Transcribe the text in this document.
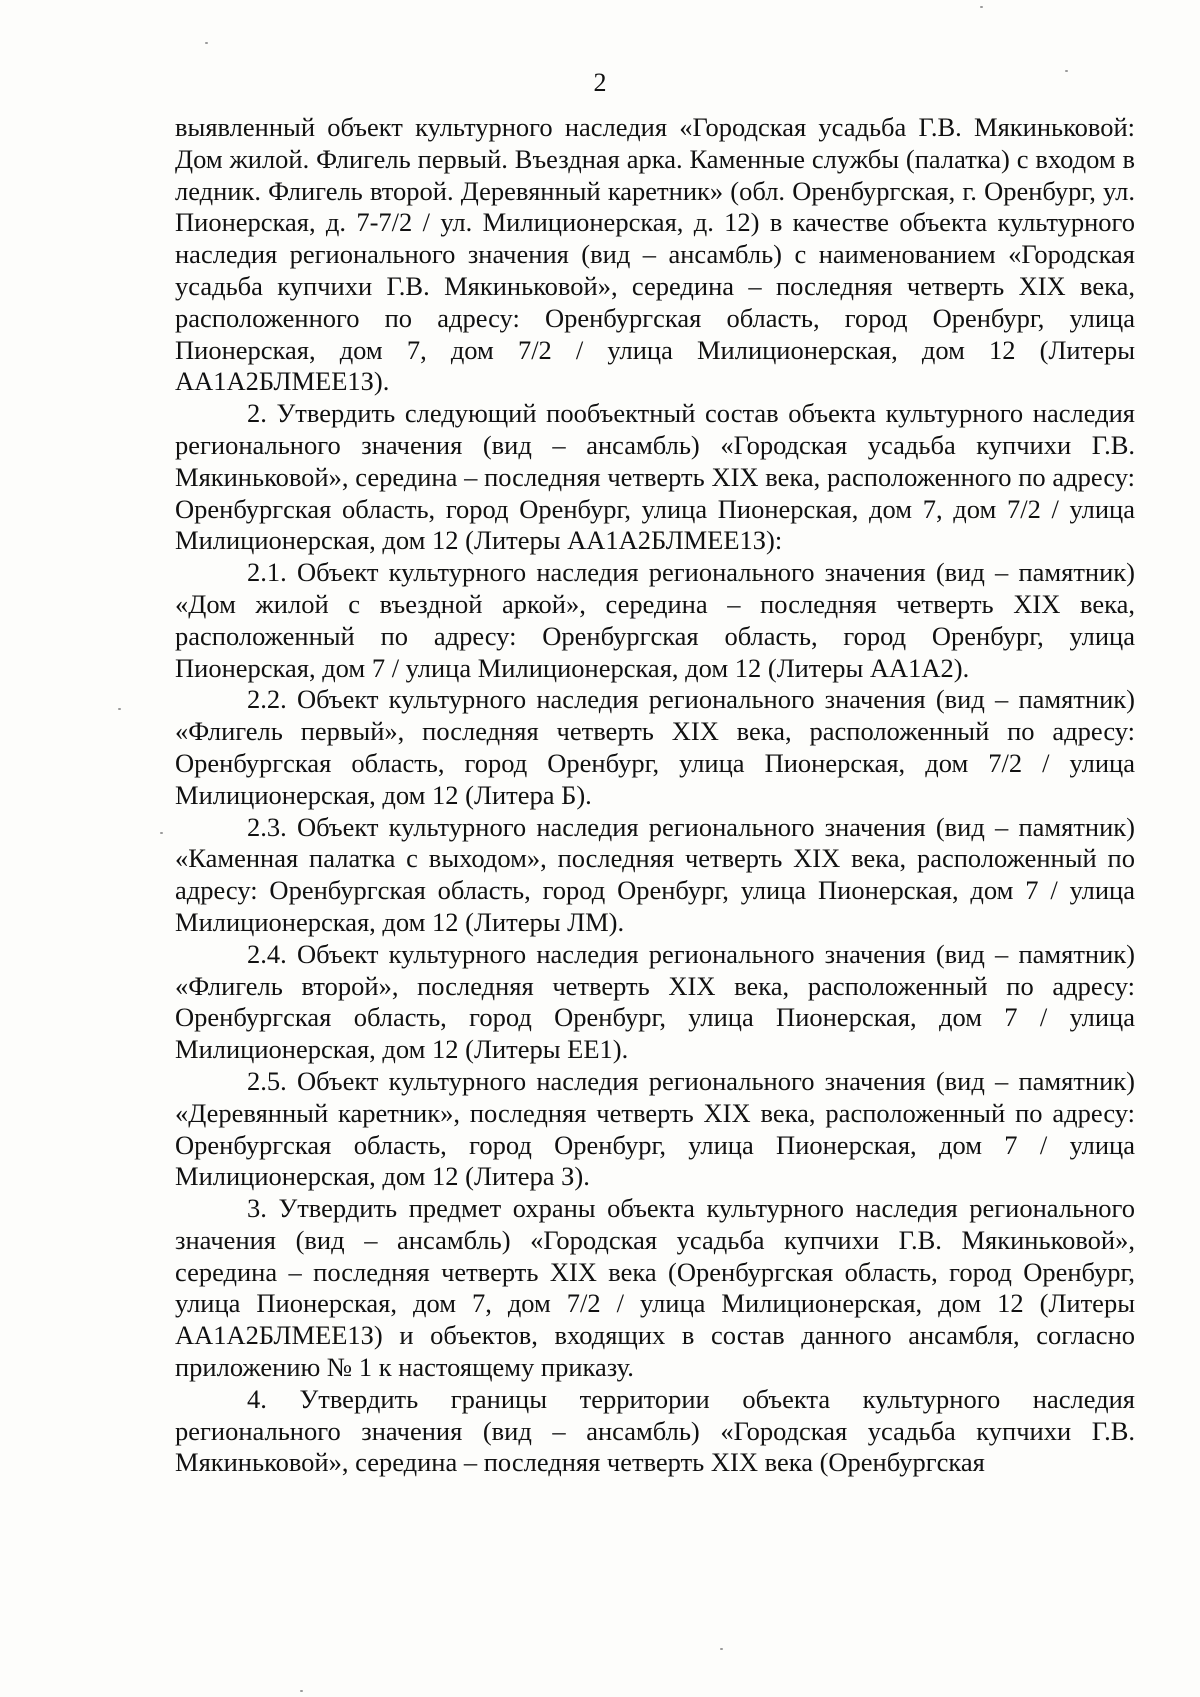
2

выявленный объект культурного наследия «Городская усадьба Г.В. Мякиньковой: Дом жилой. Флигель первый. Въездная арка. Каменные службы (палатка) с входом в ледник. Флигель второй. Деревянный каретник» (обл. Оренбургская, г. Оренбург, ул. Пионерская, д. 7-7/2 / ул. Милиционерская, д. 12) в качестве объекта культурного наследия регионального значения (вид – ансамбль) с наименованием «Городская усадьба купчихи Г.В. Мякиньковой», середина – последняя четверть XIX века, расположенного по адресу: Оренбургская область, город Оренбург, улица Пионерская, дом 7, дом 7/2 / улица Милиционерская, дом 12 (Литеры АА1А2БЛМЕЕ1З).

2. Утвердить следующий пообъектный состав объекта культурного наследия регионального значения (вид – ансамбль) «Городская усадьба купчихи Г.В. Мякиньковой», середина – последняя четверть XIX века, расположенного по адресу: Оренбургская область, город Оренбург, улица Пионерская, дом 7, дом 7/2 / улица Милиционерская, дом 12 (Литеры АА1А2БЛМЕЕ1З):

2.1. Объект культурного наследия регионального значения (вид – памятник) «Дом жилой с въездной аркой», середина – последняя четверть XIX века, расположенный по адресу: Оренбургская область, город Оренбург, улица Пионерская, дом 7 / улица Милиционерская, дом 12 (Литеры АА1А2).

2.2. Объект культурного наследия регионального значения (вид – памятник) «Флигель первый», последняя четверть XIX века, расположенный по адресу: Оренбургская область, город Оренбург, улица Пионерская, дом 7/2 / улица Милиционерская, дом 12 (Литера Б).

2.3. Объект культурного наследия регионального значения (вид – памятник) «Каменная палатка с выходом», последняя четверть XIX века, расположенный по адресу: Оренбургская область, город Оренбург, улица Пионерская, дом 7 / улица Милиционерская, дом 12 (Литеры ЛМ).

2.4. Объект культурного наследия регионального значения (вид – памятник) «Флигель второй», последняя четверть XIX века, расположенный по адресу: Оренбургская область, город Оренбург, улица Пионерская, дом 7 / улица Милиционерская, дом 12 (Литеры ЕЕ1).

2.5. Объект культурного наследия регионального значения (вид – памятник) «Деревянный каретник», последняя четверть XIX века, расположенный по адресу: Оренбургская область, город Оренбург, улица Пионерская, дом 7 / улица Милиционерская, дом 12 (Литера З).

3. Утвердить предмет охраны объекта культурного наследия регионального значения (вид – ансамбль) «Городская усадьба купчихи Г.В. Мякиньковой», середина – последняя четверть XIX века (Оренбургская область, город Оренбург, улица Пионерская, дом 7, дом 7/2 / улица Милиционерская, дом 12 (Литеры АА1А2БЛМЕЕ1З) и объектов, входящих в состав данного ансамбля, согласно приложению № 1 к настоящему приказу.

4. Утвердить границы территории объекта культурного наследия регионального значения (вид – ансамбль) «Городская усадьба купчихи Г.В. Мякиньковой», середина – последняя четверть XIX века (Оренбургская
